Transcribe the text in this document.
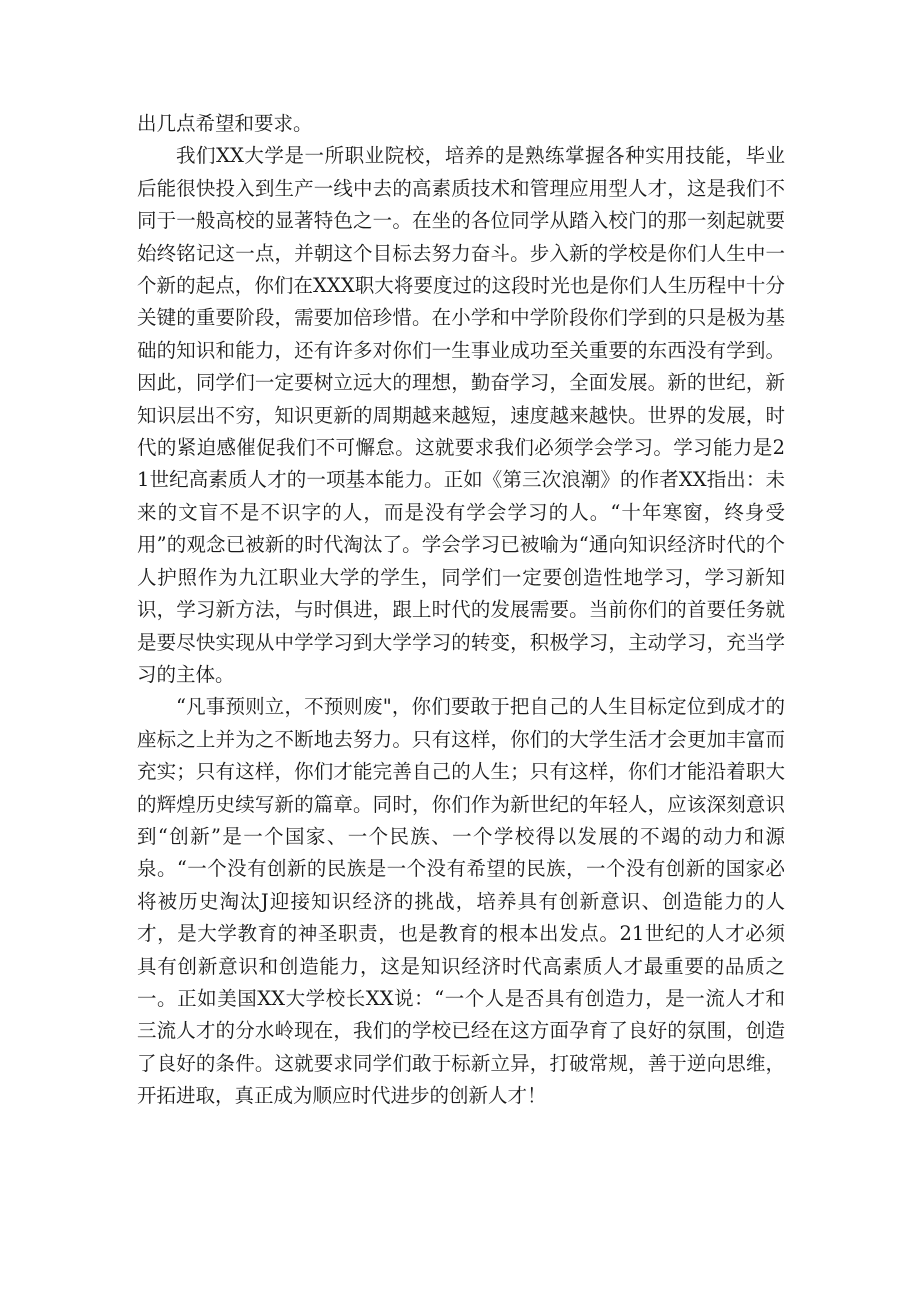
出几点希望和要求。

我们XX大学是一所职业院校，培养的是熟练掌握各种实用技能，毕业后能很快投入到生产一线中去的高素质技术和管理应用型人才，这是我们不同于一般高校的显著特色之一。在坐的各位同学从踏入校门的那一刻起就要始终铭记这一点，并朝这个目标去努力奋斗。步入新的学校是你们人生中一个新的起点，你们在XXX职大将要度过的这段时光也是你们人生历程中十分关键的重要阶段，需要加倍珍惜。在小学和中学阶段你们学到的只是极为基础的知识和能力，还有许多对你们一生事业成功至关重要的东西没有学到。因此，同学们一定要树立远大的理想，勤奋学习，全面发展。新的世纪，新知识层出不穷，知识更新的周期越来越短，速度越来越快。世界的发展，时代的紧迫感催促我们不可懈怠。这就要求我们必须学会学习。学习能力是21世纪高素质人才的一项基本能力。正如《第三次浪潮》的作者XX指出：未来的文盲不是不识字的人，而是没有学会学习的人。“十年寒窗，终身受用”的观念已被新的时代淘汰了。学会学习已被喻为“通向知识经济时代的个人护照作为九江职业大学的学生，同学们一定要创造性地学习，学习新知识，学习新方法，与时俱进，跟上时代的发展需要。当前你们的首要任务就是要尽快实现从中学学习到大学学习的转变，积极学习，主动学习，充当学习的主体。

“凡事预则立，不预则废"，你们要敢于把自己的人生目标定位到成才的座标之上并为之不断地去努力。只有这样，你们的大学生活才会更加丰富而充实；只有这样，你们才能完善自己的人生；只有这样，你们才能沿着职大的辉煌历史续写新的篇章。同时，你们作为新世纪的年轻人，应该深刻意识到“创新”是一个国家、一个民族、一个学校得以发展的不竭的动力和源泉。“一个没有创新的民族是一个没有希望的民族，一个没有创新的国家必将被历史淘汰J迎接知识经济的挑战，培养具有创新意识、创造能力的人才，是大学教育的神圣职责，也是教育的根本出发点。21世纪的人才必须具有创新意识和创造能力，这是知识经济时代高素质人才最重要的品质之一。正如美国XX大学校长XX说：“一个人是否具有创造力，是一流人才和三流人才的分水岭现在，我们的学校已经在这方面孕育了良好的氛围，创造了良好的条件。这就要求同学们敢于标新立异，打破常规，善于逆向思维，开拓进取，真正成为顺应时代进步的创新人才！
